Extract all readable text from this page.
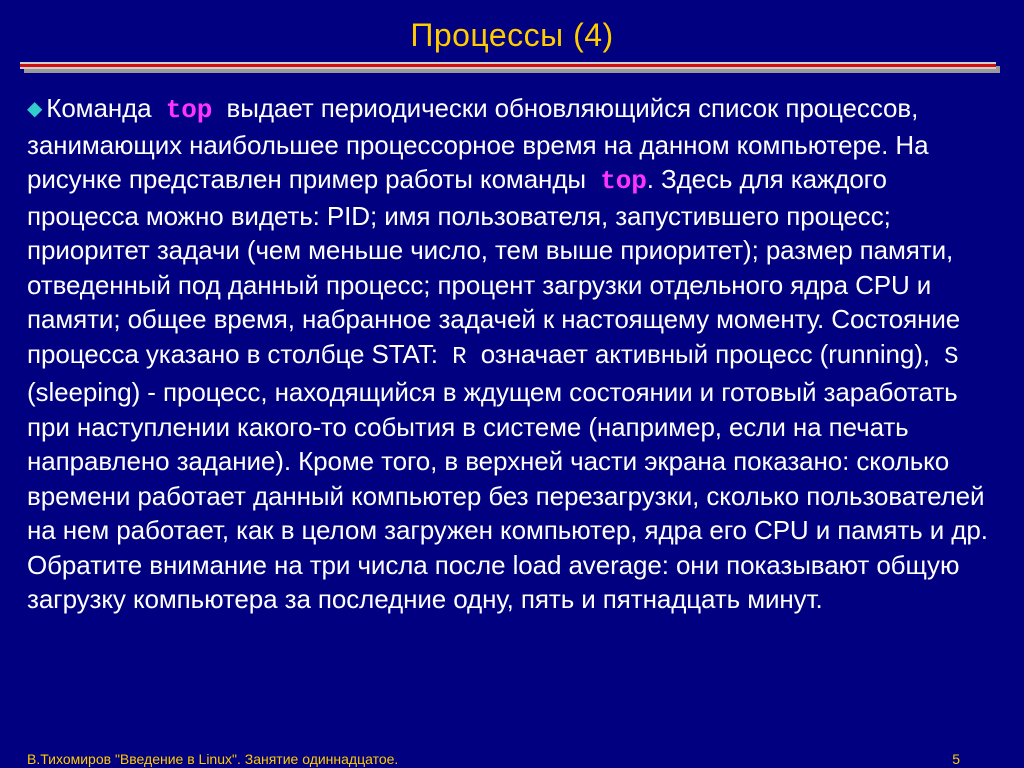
Процессы (4)
◆ Команда top выдает периодически обновляющийся список процессов, занимающих наибольшее процессорное время на данном компьютере. На рисунке представлен пример работы команды top. Здесь для каждого процесса можно видеть: PID; имя пользователя, запустившего процесс; приоритет задачи (чем меньше число, тем выше приоритет); размер памяти, отведенный под данный процесс; процент загрузки отдельного ядра CPU и памяти; общее время, набранное задачей к настоящему моменту. Состояние процесса указано в столбце STAT: R означает активный процесс (running), S  (sleeping) - процесс, находящийся в ждущем состоянии и готовый заработать при наступлении какого-то события в системе (например, если на печать направлено задание). Кроме того, в верхней части экрана показано: сколько времени работает данный компьютер без перезагрузки, сколько пользователей на нем работает, как в целом загружен компьютер, ядра его CPU и память и др. Обратите внимание на три числа после load average: они показывают общую загрузку компьютера за последние одну, пять и пятнадцать минут.
В.Тихомиров "Введение в Linux". Занятие одиннадцатое.	5
